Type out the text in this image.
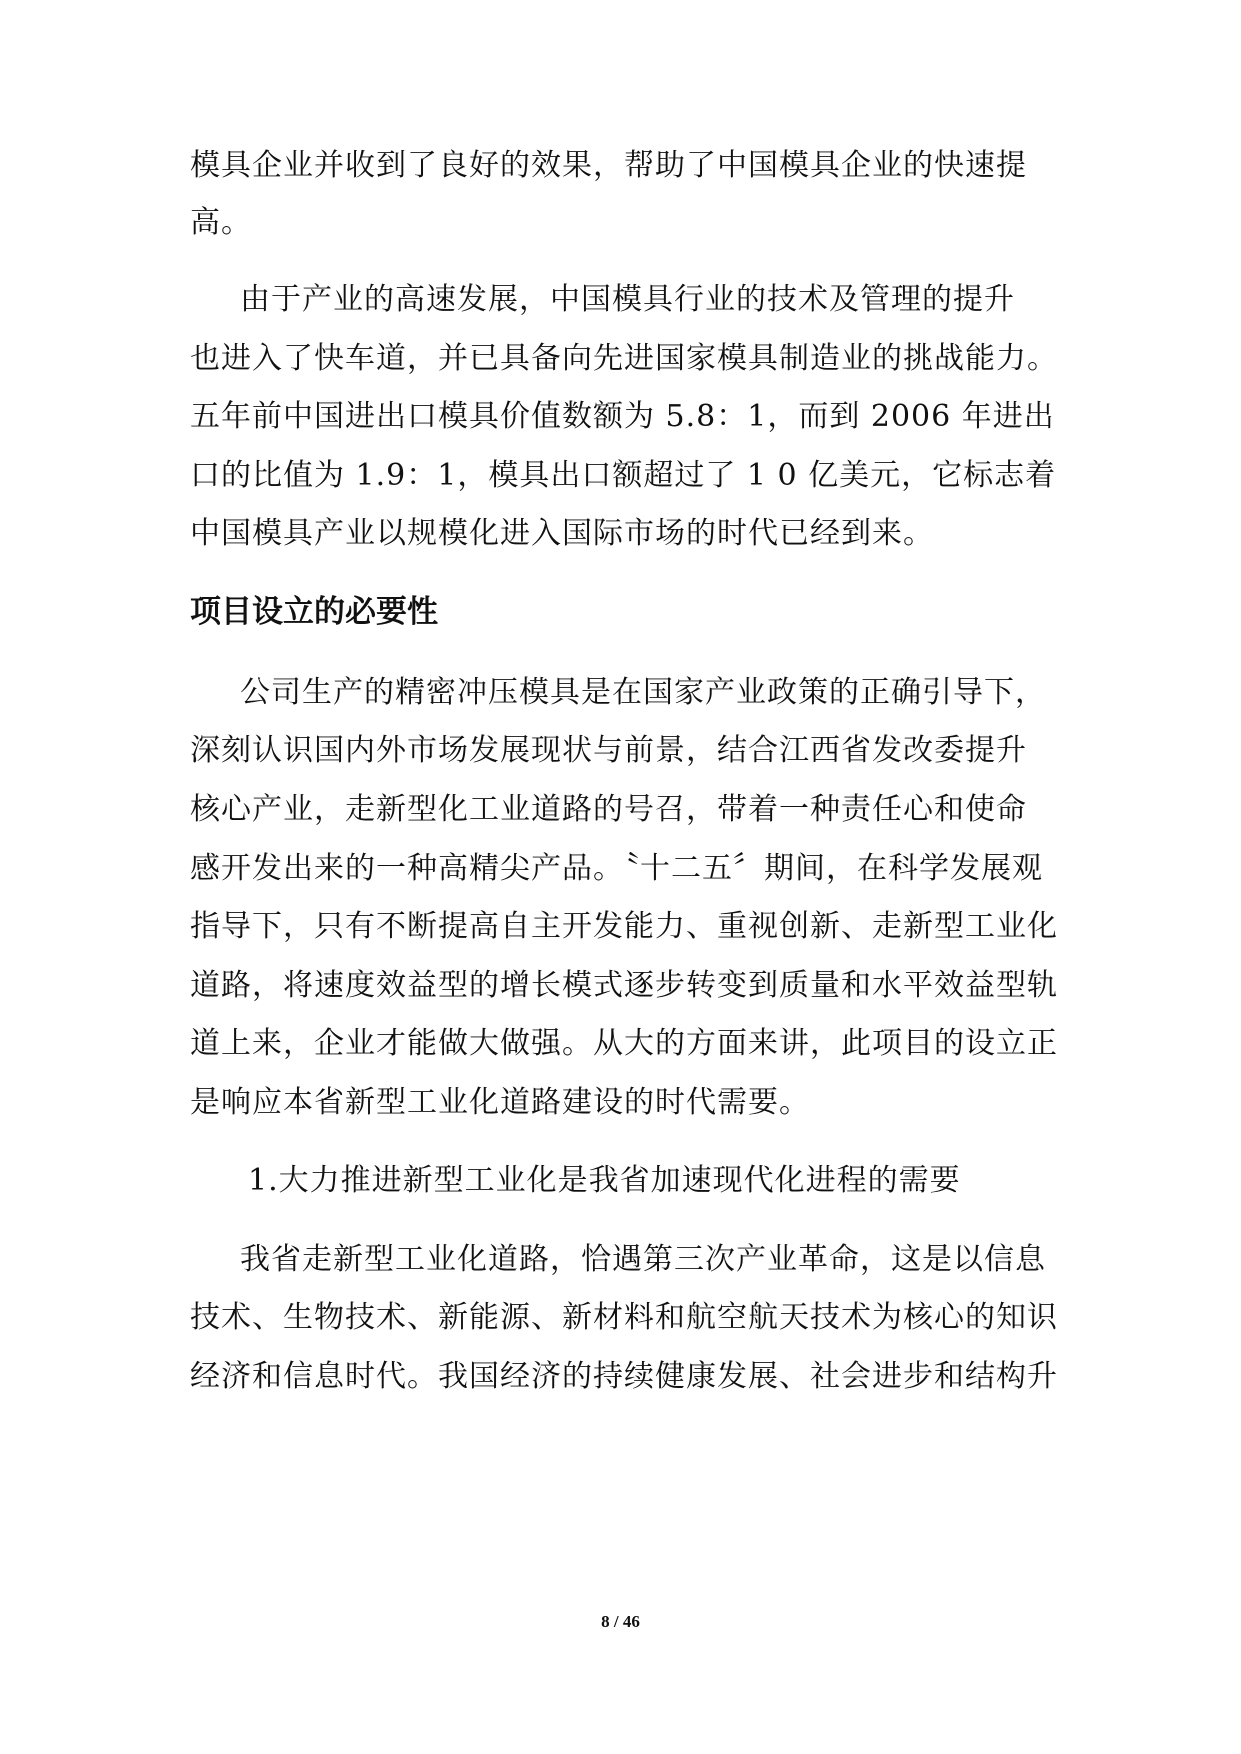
模具企业并收到了良好的效果，帮助了中国模具企业的快速提
高。
由于产业的高速发展，中国模具行业的技术及管理的提升
也进入了快车道，并已具备向先进国家模具制造业的挑战能力。
五年前中国进出口模具价值数额为 5.8：1，而到 2006 年进出
口的比值为 1.9：1，模具出口额超过了 1 0 亿美元，它标志着
中国模具产业以规模化进入国际市场的时代已经到来。
项目设立的必要性
公司生产的精密冲压模具是在国家产业政策的正确引导下，
深刻认识国内外市场发展现状与前景，结合江西省发改委提升
核心产业，走新型化工业道路的号召，带着一种责任心和使命
感开发出来的一种高精尖产品。〝十二五〞期间，在科学发展观
指导下，只有不断提高自主开发能力、重视创新、走新型工业化
道路，将速度效益型的增长模式逐步转变到质量和水平效益型轨
道上来，企业才能做大做强。从大的方面来讲，此项目的设立正
是响应本省新型工业化道路建设的时代需要。
1.大力推进新型工业化是我省加速现代化进程的需要
我省走新型工业化道路，恰遇第三次产业革命，这是以信息
技术、生物技术、新能源、新材料和航空航天技术为核心的知识
经济和信息时代。我国经济的持续健康发展、社会进步和结构升
8 / 46
